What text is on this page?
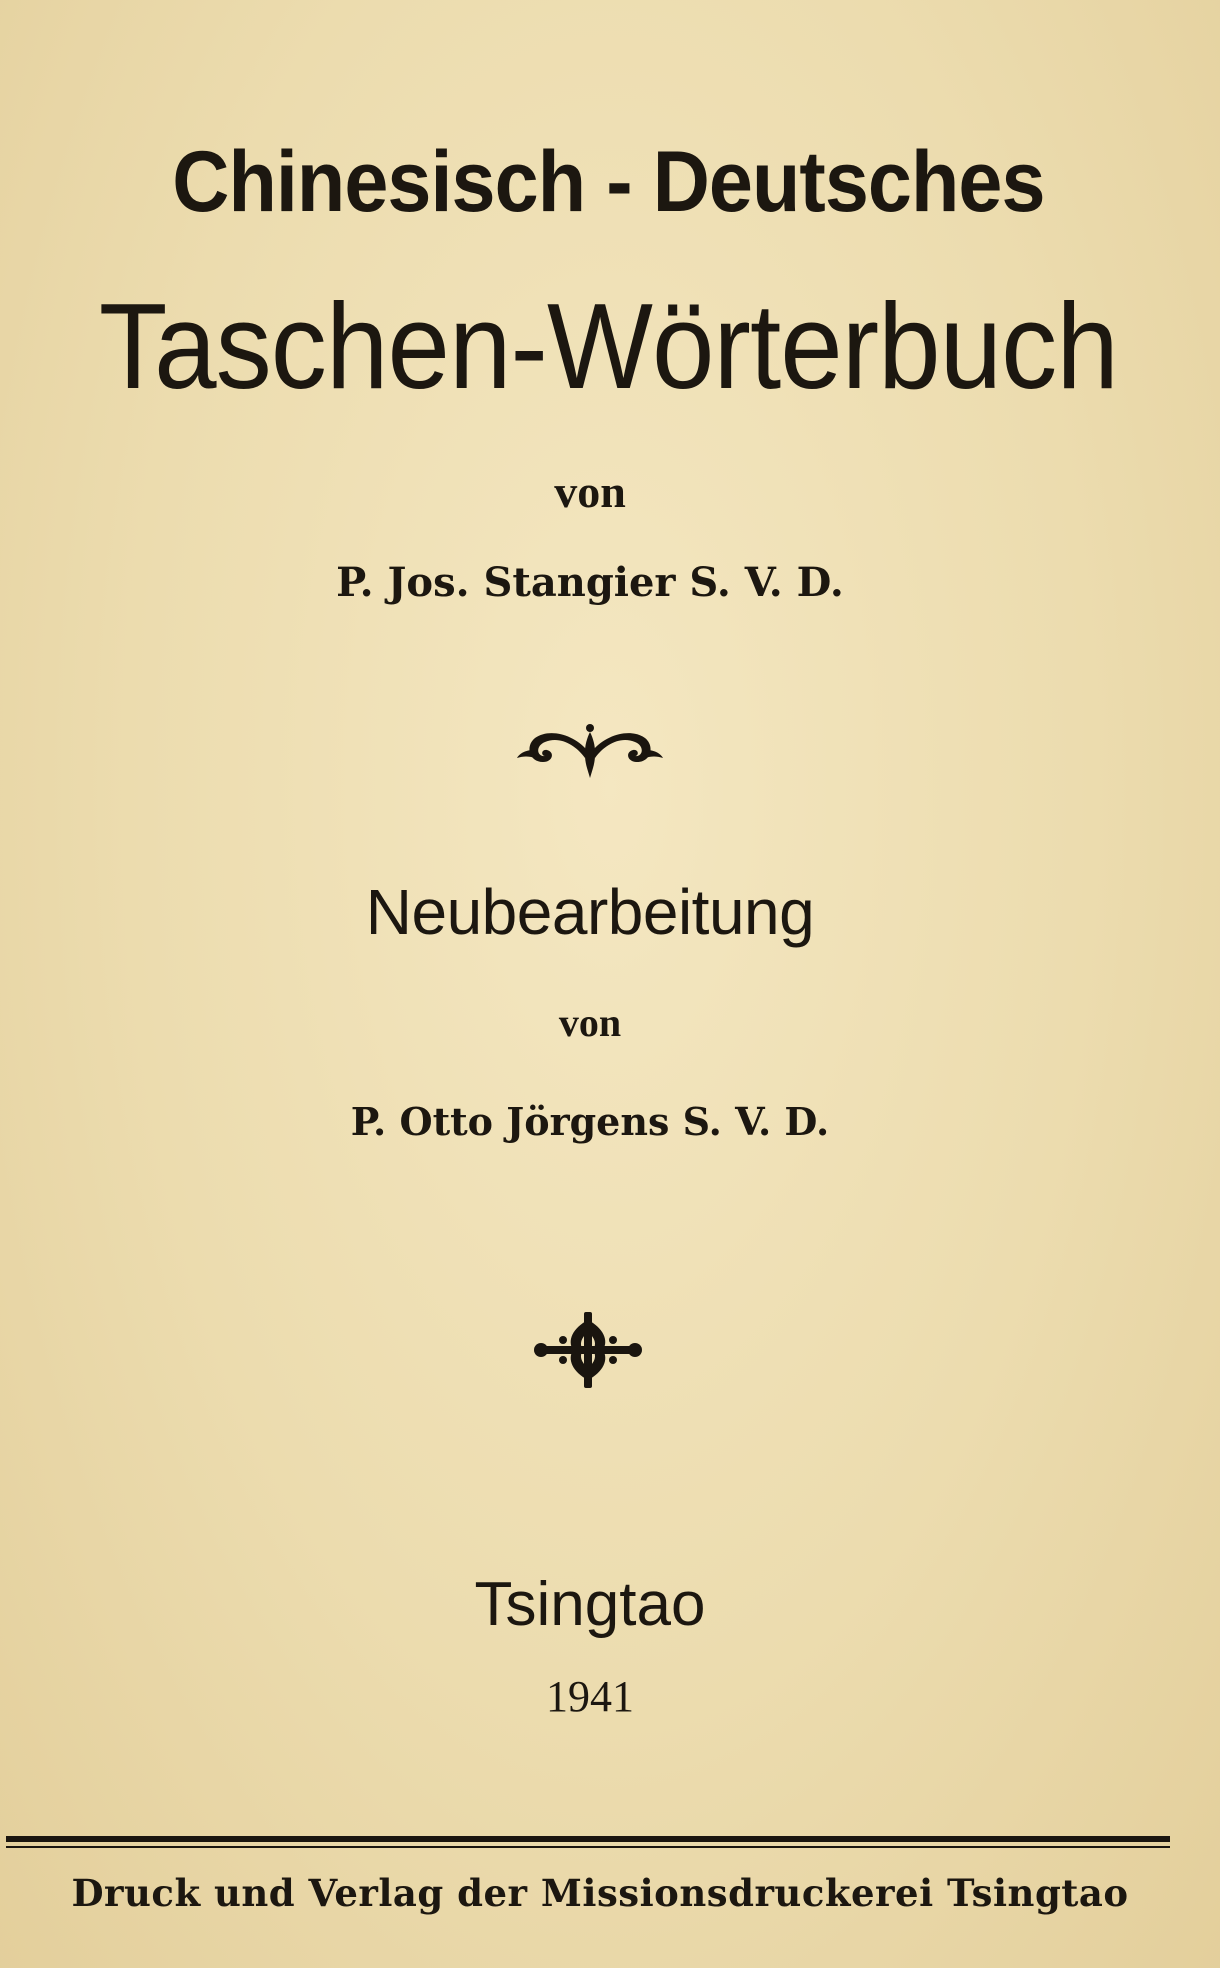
Chinesisch - Deutsches
Taschen-Wörterbuch
von
P. Jos. Stangier S. V. D.
Neubearbeitung
von
P. Otto Jörgens S. V. D.
Tsingtao
1941
Druck und Verlag der Missionsdruckerei Tsingtao
